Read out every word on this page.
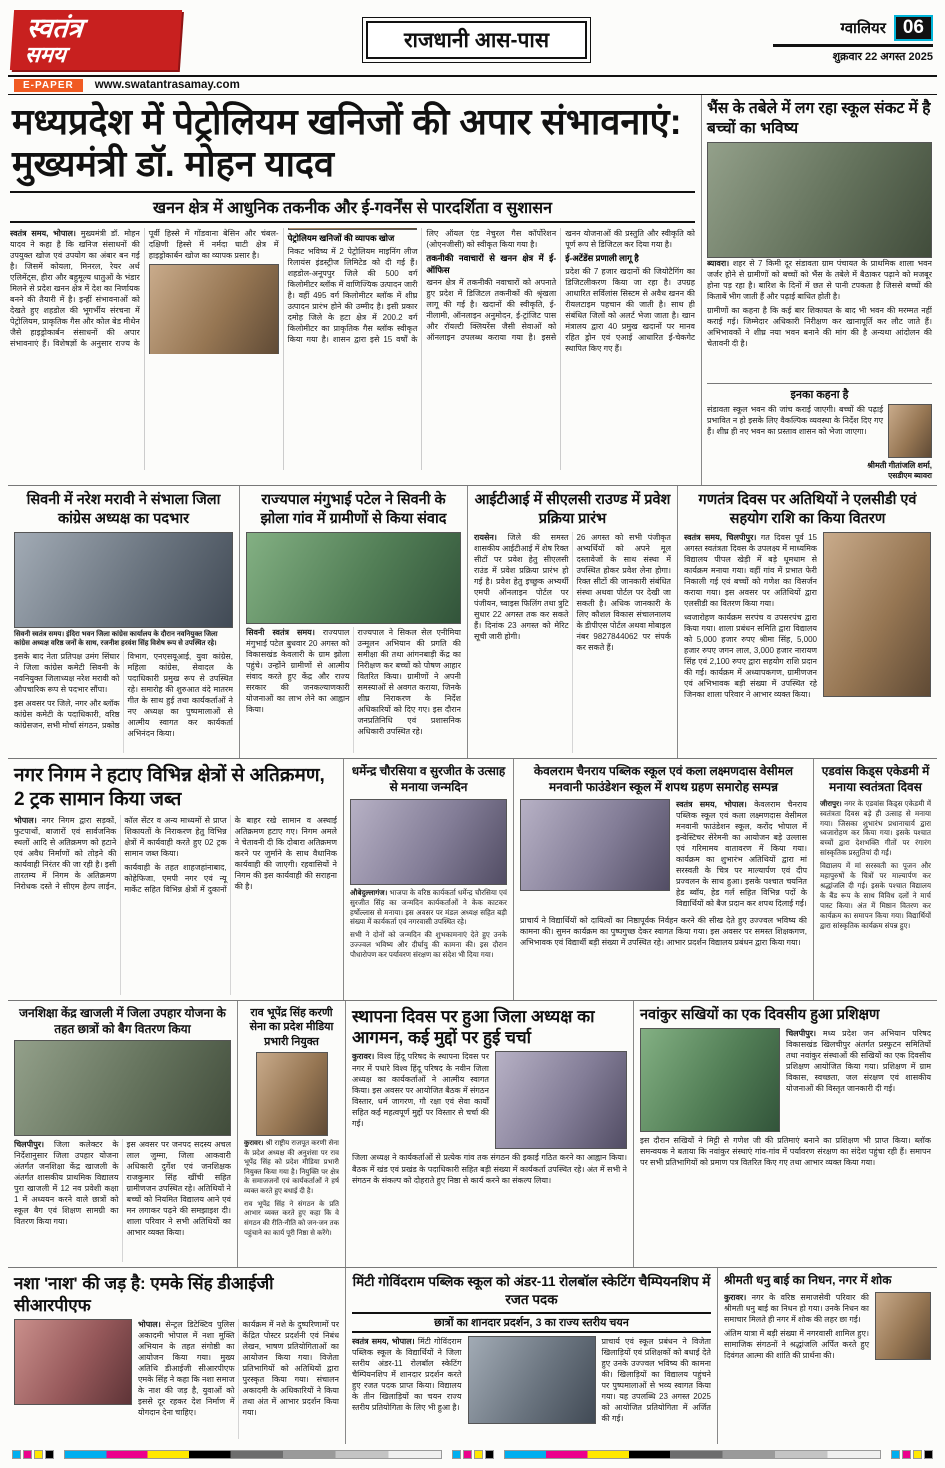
स्वतंत्र
समय
राजधानी आस-पास	ग्वालियर 06
शुक्रवार 22 अगस्त 2025
E-PAPER	www.swatantrasamay.com
मध्यप्रदेश में पेट्रोलियम खनिजों की अपार संभावनाएं: मुख्यमंत्री डॉ. मोहन यादव
खनन क्षेत्र में आधुनिक तकनीक और ई-गवर्नेंस से पारदर्शिता व सुशासन

स्वतंत्र समय, भोपाल। मुख्यमंत्री डॉ. मोहन यादव ने कहा है कि खनिज संसाधनों की उपयुक्त खोज एवं उपयोग का अंबार बन गई है। जिसमें कोयला, मिनरल, रेयर अर्थ एलिमेंट्स, हीरा और बहुमूल्य धातुओं के भंडार मिलने से प्रदेश खनन क्षेत्र में देश का निर्णायक बनने की तैयारी में है। इन्हीं संभावनाओं को देखते हुए शहडोल की भूगर्भीय संरचना में पेट्रोलियम, प्राकृतिक गैस और कोल बेड मीथेन जैसे हाइड्रोकार्बन संसाधनों की अपार संभावनाएं हैं। विशेषज्ञों के अनुसार राज्य के पूर्वी हिस्से में गोंडवाना बेसिन और चंबल-दक्षिणी हिस्से में नर्मदा घाटी क्षेत्र में हाइड्रोकार्बन खोज का व्यापक प्रसार है।

पेट्रोलियम खनिजों की व्यापक खोज

निकट भविष्य में 2 पेट्रोलियम माइनिंग लीज रिलायंस इंडस्ट्रीज लिमिटेड को दी गई हैं। शहडोल-अनूपपुर जिले की 500 वर्ग किलोमीटर ब्लॉक में वाणिज्यिक उत्पादन जारी है। वहीं 495 वर्ग किलोमीटर ब्लॉक में शीघ्र उत्पादन प्रारंभ होने की उम्मीद है। इसी प्रकार दमोह जिले के हटा क्षेत्र में 200.2 वर्ग किलोमीटर का प्राकृतिक गैस ब्लॉक स्वीकृत किया गया है। शासन द्वारा इसे 15 वर्षों के लिए ऑयल एंड नेचुरल गैस कॉर्पोरेशन (ओएनजीसी) को स्वीकृत किया गया है।

तकनीकी नवाचारों से खनन क्षेत्र में ई-ऑफिस

खनन क्षेत्र में तकनीकी नवाचारों को अपनाते हुए प्रदेश में डिजिटल तकनीकों की श्रृंखला लागू की गई है। खदानों की स्वीकृति, ई-नीलामी, ऑनलाइन अनुमोदन, ई-ट्रांजिट पास और रॉयल्टी क्लियरेंस जैसी सेवाओं को ऑनलाइन उपलब्ध कराया गया है। इससे खनन योजनाओं की प्रस्तुति और स्वीकृति को पूर्ण रूप से डिजिटल कर दिया गया है।

ई-अटेंडेंस प्रणाली लागू है

प्रदेश की 7 हजार खदानों की जियोटैगिंग का डिजिटलीकरण किया जा रहा है। उपग्रह आधारित सर्विलांस सिस्टम से अवैध खनन की रीयलटाइम पहचान की जाती है। साथ ही संबंधित जिलों को अलर्ट भेजा जाता है। खान मंत्रालय द्वारा 40 प्रमुख खदानों पर मानव रहित ड्रोन एवं एआई आधारित ई-चेकगेट स्थापित किए गए हैं।

भैंस के तबेले में लग रहा स्कूल संकट में है बच्चों का भविष्य

ब्यावरा। शहर से 7 किमी दूर संडावता ग्राम पंचायत के प्राथमिक शाला भवन जर्जर होने से ग्रामीणों को बच्चों को भैंस के तबेले में बैठाकर पढ़ाने को मजबूर होना पड़ रहा है। बारिश के दिनों में छत से पानी टपकता है जिससे बच्चों की किताबें भीग जाती हैं और पढ़ाई बाधित होती है।

ग्रामीणों का कहना है कि कई बार शिकायत के बाद भी भवन की मरम्मत नहीं कराई गई। जिम्मेदार अधिकारी निरीक्षण कर खानापूर्ति कर लौट जाते हैं। अभिभावकों ने शीघ्र नया भवन बनाने की मांग की है अन्यथा आंदोलन की चेतावनी दी है।

इनका कहना है

संडावता स्कूल भवन की जांच कराई जाएगी। बच्चों की पढ़ाई प्रभावित न हो इसके लिए वैकल्पिक व्यवस्था के निर्देश दिए गए हैं। शीघ्र ही नए भवन का प्रस्ताव शासन को भेजा जाएगा।

श्रीमती गीतांजलि शर्मा,
एसडीएम ब्यावरा
सिवनी में नरेश मरावी ने संभाला जिला कांग्रेस अध्यक्ष का पदभार

सिवनी स्वतंत्र समय। इंदिरा भवन जिला कांग्रेस कार्यालय के दौरान नवनियुक्त जिला कांग्रेस अध्यक्ष वरिष्ठ जनों के साथ, रजनीश हरवंश सिंह विशेष रूप से उपस्थित रहे।

इसके बाद नेता प्रतिपक्ष उमंग सिंघार ने जिला कांग्रेस कमेटी सिवनी के नवनियुक्त जिलाध्यक्ष नरेश मरावी को औपचारिक रूप से पदभार सौंपा।

इस अवसर पर जिले, नगर और ब्लॉक कांग्रेस कमेटी के पदाधिकारी, वरिष्ठ कांग्रेसजन, सभी मोर्चा संगठन, प्रकोष्ठ विभाग, एनएसयूआई, युवा कांग्रेस, महिला कांग्रेस, सेवादल के पदाधिकारी प्रमुख रूप से उपस्थित रहे। समारोह की शुरुआत वंदे मातरम गीत के साथ हुई तथा कार्यकर्ताओं ने नए अध्यक्ष का पुष्पमालाओं से आत्मीय स्वागत कर कार्यकर्ता अभिनंदन किया।

राज्यपाल मंगुभाई पटेल ने सिवनी के झोला गांव में ग्रामीणों से किया संवाद

सिवनी स्वतंत्र समय। राज्यपाल मंगुभाई पटेल बुधवार 20 अगस्त को विकासखंड केवलारी के ग्राम झोला पहुंचे। उन्होंने ग्रामीणों से आत्मीय संवाद करते हुए केंद्र और राज्य सरकार की जनकल्याणकारी योजनाओं का लाभ लेने का आह्वान किया।

राज्यपाल ने सिकल सेल एनीमिया उन्मूलन अभियान की प्रगति की समीक्षा की तथा आंगनबाड़ी केंद्र का निरीक्षण कर बच्चों को पोषण आहार वितरित किया। ग्रामीणों ने अपनी समस्याओं से अवगत कराया, जिनके शीघ्र निराकरण के निर्देश अधिकारियों को दिए गए। इस दौरान जनप्रतिनिधि एवं प्रशासनिक अधिकारी उपस्थित रहे।

आईटीआई में सीएलसी राउण्ड में प्रवेश प्रक्रिया प्रारंभ

रायसेन। जिले की समस्त शासकीय आईटीआई में शेष रिक्त सीटों पर प्रवेश हेतु सीएलसी राउंड में प्रवेश प्रक्रिया प्रारंभ हो गई है। प्रवेश हेतु इच्छुक अभ्यर्थी एमपी ऑनलाइन पोर्टल पर पंजीयन, च्वाइस फिलिंग तथा त्रुटि सुधार 22 अगस्त तक कर सकते हैं। दिनांक 23 अगस्त को मेरिट सूची जारी होगी।

26 अगस्त को सभी पंजीकृत अभ्यर्थियों को अपने मूल दस्तावेजों के साथ संस्था में उपस्थित होकर प्रवेश लेना होगा। रिक्त सीटों की जानकारी संबंधित संस्था अथवा पोर्टल पर देखी जा सकती है। अधिक जानकारी के लिए कौशल विकास संचालनालय के डीपीएस पोर्टल अथवा मोबाइल नंबर 9827844062 पर संपर्क कर सकते हैं।

गणतंत्र दिवस पर अतिथियों ने एलसीडी एवं सहयोग राशि का किया वितरण

स्वतंत्र समय, चिलपीपुर। गत दिवस पूर्व 15 अगस्त स्वतंत्रता दिवस के उपलक्ष्य में माध्यमिक विद्यालय पीपल खेड़ी में बड़े धूमधाम से कार्यक्रम मनाया गया। वहीं गांव में प्रभात फेरी निकाली गई एवं बच्चों को गणेश का विसर्जन कराया गया। इस अवसर पर अतिथियों द्वारा एलसीडी का वितरण किया गया।

ध्वजारोहण कार्यक्रम सरपंच व उपसरपंच द्वारा किया गया। शाला प्रबंधन समिति द्वारा विद्यालय को 5,000 हजार रुपए श्रीमा सिंह, 5,000 हजार रुपए जगन लाल, 3,000 हजार नारायण सिंह एवं 2,100 रुपए द्वारा सहयोग राशि प्रदान की गई। कार्यक्रम में अध्यापकगण, ग्रामीणजन एवं अभिभावक बड़ी संख्या में उपस्थित रहे जिनका शाला परिवार ने आभार व्यक्त किया।

नगर निगम ने हटाए विभिन्न क्षेत्रों से अतिक्रमण, 2 ट्रक सामान किया जब्त

भोपाल। नगर निगम द्वारा सड़कों, फुटपाथों, बाजारों एवं सार्वजनिक स्थलों आदि से अतिक्रमण को हटाने एवं अवैध निर्माणों को तोड़ने की कार्यवाही निरंतर की जा रही है। इसी तारतम्य में निगम के अतिक्रमण निरोधक दस्ते ने सीएम हेल्प लाईन, कॉल सेंटर व अन्य माध्यमों से प्राप्त शिकायतों के निराकरण हेतु विभिन्न क्षेत्रों में कार्यवाही करते हुए 02 ट्रक सामान जब्त किया।

कार्यवाही के तहत शाहजहांनाबाद, कोहेफिजा, एमपी नगर एवं न्यू मार्केट सहित विभिन्न क्षेत्रों में दुकानों के बाहर रखे सामान व अस्थाई अतिक्रमण हटाए गए। निगम अमले ने चेतावनी दी कि दोबारा अतिक्रमण करने पर जुर्माने के साथ वैधानिक कार्यवाही की जाएगी। रहवासियों ने निगम की इस कार्यवाही की सराहना की है।

धर्मेन्द्र चौरसिया व सुरजीत के उत्साह से मनाया जन्मदिन

औबेदुल्लागंज। भाजपा के वरिष्ठ कार्यकर्ता धर्मेन्द्र चौरसिया एवं सुरजीत सिंह का जन्मदिन कार्यकर्ताओं ने केक काटकर हर्षोल्लास से मनाया। इस अवसर पर मंडल अध्यक्ष सहित बड़ी संख्या में कार्यकर्ता एवं नगरवासी उपस्थित रहे।

सभी ने दोनों को जन्मदिन की शुभकामनाएं देते हुए उनके उज्ज्वल भविष्य और दीर्घायु की कामना की। इस दौरान पौधारोपण कर पर्यावरण संरक्षण का संदेश भी दिया गया।

केवलराम चैनराय पब्लिक स्कूल एवं कला लक्ष्मणदास वेसीमल मनवानी फाउंडेशन स्कूल में शपथ ग्रहण समारोह सम्पन्न

स्वतंत्र समय, भोपाल। केवलराम चैनराय पब्लिक स्कूल एवं कला लक्ष्मणदास वेसीमल मनवानी फाउंडेशन स्कूल, करोंद भोपाल में इन्वेस्टिचर सेरेमनी का आयोजन बड़े उल्लास एवं गरिमामय वातावरण में किया गया। कार्यक्रम का शुभारंभ अतिथियों द्वारा मां सरस्वती के चित्र पर माल्यार्पण एवं दीप प्रज्वलन के साथ हुआ। इसके पश्चात चयनित हेड ब्वॉय, हेड गर्ल सहित विभिन्न पदों के विद्यार्थियों को बैज प्रदान कर शपथ दिलाई गई।

प्राचार्य ने विद्यार्थियों को दायित्वों का निष्ठापूर्वक निर्वहन करने की सीख देते हुए उज्ज्वल भविष्य की कामना की। सुमन कार्यक्रम का पुष्पगुच्छ देकर स्वागत किया गया। इस अवसर पर समस्त शिक्षकगण, अभिभावक एवं विद्यार्थी बड़ी संख्या में उपस्थित रहे। आभार प्रदर्शन विद्यालय प्रबंधन द्वारा किया गया।

एडवांस किड्स एकेडमी में मनाया स्वतंत्रता दिवस

जीरापुर। नगर के एडवांस किड्स एकेडमी में स्वतंत्रता दिवस बड़े ही उत्साह से मनाया गया। जिसका शुभारंभ प्रधानाचार्य द्वारा ध्वजारोहण कर किया गया। इसके पश्चात बच्चों द्वारा देशभक्ति गीतों पर रंगारंग सांस्कृतिक प्रस्तुतियां दी गईं।

विद्यालय में मां सरस्वती का पूजन और महापुरुषों के चित्रों पर माल्यार्पण कर श्रद्धांजलि दी गई। इसके पश्चात विद्यालय के बैंड रूप के साथ विविध दलों ने मार्च पास्ट किया। अंत में मिष्ठान वितरण कर कार्यक्रम का समापन किया गया। विद्यार्थियों द्वारा सांस्कृतिक कार्यक्रम संपन्न हुए।

जनशिक्षा केंद्र खाजली में जिला उपहार योजना के तहत छात्रों को बैग वितरण किया

चिलपीपुर। जिला कलेक्टर के निर्देशानुसार जिला उपहार योजना अंतर्गत जनशिक्षा केंद्र खाजली के अंतर्गत शासकीय प्राथमिक विद्यालय पुरा खाजली में 12 नव प्रवेशी कक्षा 1 में अध्ययन करने वाले छात्रों को स्कूल बैग एवं शिक्षण सामग्री का वितरण किया गया।

इस अवसर पर जनपद सदस्य अचल लाल जुम्मा, जिला आकवारी अधिकारी दुर्गेश एवं जनशिक्षक राजकुमार सिंह खींची सहित ग्रामीणजन उपस्थित रहे। अतिथियों ने बच्चों को नियमित विद्यालय आने एवं मन लगाकर पढ़ने की समझाइश दी। शाला परिवार ने सभी अतिथियों का आभार व्यक्त किया।

राव भूपेंद्र सिंह करणी सेना का प्रदेश मीडिया प्रभारी नियुक्त

कुरावर। श्री राष्ट्रीय राजपूत करणी सेना के प्रदेश अध्यक्ष की अनुशंसा पर राव भूपेंद्र सिंह को प्रदेश मीडिया प्रभारी नियुक्त किया गया है। नियुक्ति पर क्षेत्र के समाजजनों एवं कार्यकर्ताओं ने हर्ष व्यक्त करते हुए बधाई दी है।

राव भूपेंद्र सिंह ने संगठन के प्रति आभार व्यक्त करते हुए कहा कि वे संगठन की रीति-नीति को जन-जन तक पहुंचाने का कार्य पूरी निष्ठा से करेंगे।

स्थापना दिवस पर हुआ जिला अध्यक्ष का आगमन, कई मुद्दों पर हुई चर्चा

कुरावर। विश्व हिंदू परिषद के स्थापना दिवस पर नगर में पधारे विश्व हिंदू परिषद के नवीन जिला अध्यक्ष का कार्यकर्ताओं ने आत्मीय स्वागत किया। इस अवसर पर आयोजित बैठक में संगठन विस्तार, धर्म जागरण, गौ रक्षा एवं सेवा कार्यों सहित कई महत्वपूर्ण मुद्दों पर विस्तार से चर्चा की गई।

जिला अध्यक्ष ने कार्यकर्ताओं से प्रत्येक गांव तक संगठन की इकाई गठित करने का आह्वान किया। बैठक में खंड एवं प्रखंड के पदाधिकारी सहित बड़ी संख्या में कार्यकर्ता उपस्थित रहे। अंत में सभी ने संगठन के संकल्प को दोहराते हुए निष्ठा से कार्य करने का संकल्प लिया।

नवांकुर सखियों का एक दिवसीय हुआ प्रशिक्षण

चिलपीपुर। मध्य प्रदेश जन अभियान परिषद विकासखंड खिलचीपुर अंतर्गत प्रस्फुटन समितियों तथा नवांकुर संस्थाओं की सखियों का एक दिवसीय प्रशिक्षण आयोजित किया गया। प्रशिक्षण में ग्राम विकास, स्वच्छता, जल संरक्षण एवं शासकीय योजनाओं की विस्तृत जानकारी दी गई।

इस दौरान सखियों ने मिट्टी से गणेश जी की प्रतिमाएं बनाने का प्रशिक्षण भी प्राप्त किया। ब्लॉक समन्वयक ने बताया कि नवांकुर संस्थाएं गांव-गांव में पर्यावरण संरक्षण का संदेश पहुंचा रही हैं। समापन पर सभी प्रतिभागियों को प्रमाण पत्र वितरित किए गए तथा आभार व्यक्त किया गया।

नशा 'नाश' की जड़ है: एमके सिंह डीआईजी सीआरपीएफ

भोपाल। सेन्ट्रल डिटेक्टिव पुलिस अकादमी भोपाल में नशा मुक्ति अभियान के तहत संगोष्ठी का आयोजन किया गया। मुख्य अतिथि डीआईजी सीआरपीएफ एमके सिंह ने कहा कि नशा समाज के नाश की जड़ है, युवाओं को इससे दूर रहकर देश निर्माण में योगदान देना चाहिए।

कार्यक्रम में नशे के दुष्परिणामों पर केंद्रित पोस्टर प्रदर्शनी एवं निबंध लेखन, भाषण प्रतियोगिताओं का आयोजन किया गया। विजेता प्रतिभागियों को अतिथियों द्वारा पुरस्कृत किया गया। संचालन अकादमी के अधिकारियों ने किया तथा अंत में आभार प्रदर्शन किया गया।

मिंटी गोविंदराम पब्लिक स्कूल को अंडर-11 रोलबॉल स्केटिंग चैम्पियनशिप में रजत पदक
छात्रों का शानदार प्रदर्शन, 3 का राज्य स्तरीय चयन

स्वतंत्र समय, भोपाल। मिंटी गोविंदराम पब्लिक स्कूल के विद्यार्थियों ने जिला स्तरीय अंडर-11 रोलबॉल स्केटिंग चैम्पियनशिप में शानदार प्रदर्शन करते हुए रजत पदक प्राप्त किया। विद्यालय के तीन खिलाड़ियों का चयन राज्य स्तरीय प्रतियोगिता के लिए भी हुआ है।

प्राचार्य एवं स्कूल प्रबंधन ने विजेता खिलाड़ियों एवं प्रशिक्षकों को बधाई देते हुए उनके उज्ज्वल भविष्य की कामना की। खिलाड़ियों का विद्यालय पहुंचने पर पुष्पमालाओं से भव्य स्वागत किया गया। यह उपलब्धि 23 अगस्त 2025 को आयोजित प्रतियोगिता में अर्जित की गई।

श्रीमती धनु बाई का निधन, नगर में शोक

कुरावर। नगर के वरिष्ठ समाजसेवी परिवार की श्रीमती धनु बाई का निधन हो गया। उनके निधन का समाचार मिलते ही नगर में शोक की लहर छा गई।

अंतिम यात्रा में बड़ी संख्या में नगरवासी शामिल हुए। सामाजिक संगठनों ने श्रद्धांजलि अर्पित करते हुए दिवंगत आत्मा की शांति की प्रार्थना की।
